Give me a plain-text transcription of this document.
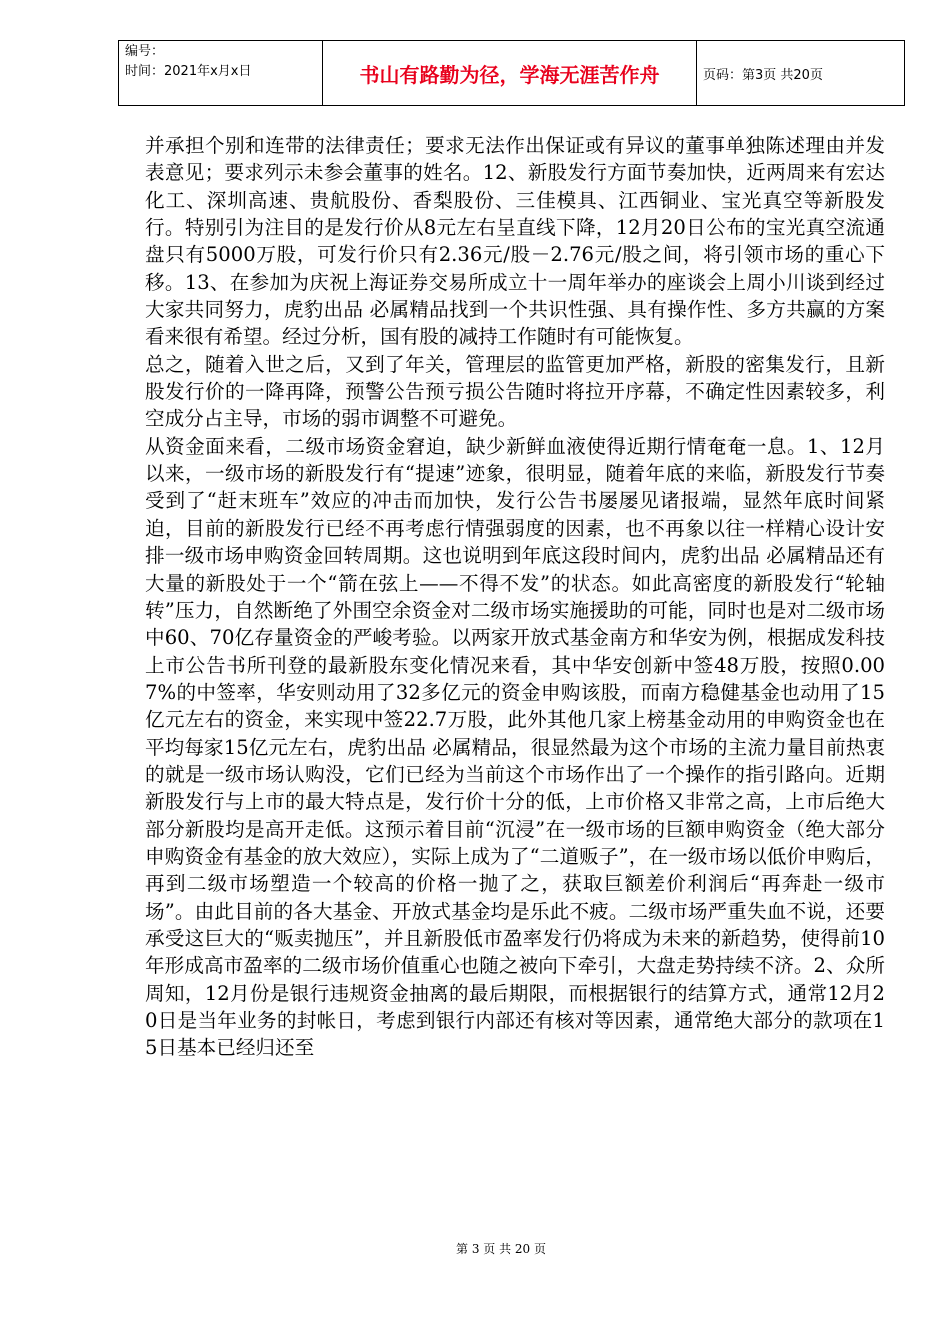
编号：
时间：2021年x月x日	书山有路勤为径，学海无涯苦作舟	页码：第3页 共20页

并承担个别和连带的法律责任；要求无法作出保证或有异议的董事单独陈述理由并发表意见；要求列示未参会董事的姓名。12、新股发行方面节奏加快，近两周来有宏达化工、深圳高速、贵航股份、香梨股份、三佳模具、江西铜业、宝光真空等新股发行。特别引为注目的是发行价从8元左右呈直线下降，12月20日公布的宝光真空流通盘只有5000万股，可发行价只有2.36元/股－2.76元/股之间，将引领市场的重心下移。13、在参加为庆祝上海证券交易所成立十一周年举办的座谈会上周小川谈到经过大家共同努力，虎豹出品 必属精品找到一个共识性强、具有操作性、多方共赢的方案看来很有希望。经过分析，国有股的减持工作随时有可能恢复。

总之，随着入世之后，又到了年关，管理层的监管更加严格，新股的密集发行，且新股发行价的一降再降，预警公告预亏损公告随时将拉开序幕，不确定性因素较多，利空成分占主导，市场的弱市调整不可避免。

从资金面来看，二级市场资金窘迫，缺少新鲜血液使得近期行情奄奄一息。1、12月以来，一级市场的新股发行有“提速”迹象，很明显，随着年底的来临，新股发行节奏受到了“赶末班车”效应的冲击而加快，发行公告书屡屡见诸报端，显然年底时间紧迫，目前的新股发行已经不再考虑行情强弱度的因素，也不再象以往一样精心设计安排一级市场申购资金回转周期。这也说明到年底这段时间内，虎豹出品 必属精品还有大量的新股处于一个“箭在弦上——不得不发”的状态。如此高密度的新股发行“轮轴转”压力，自然断绝了外围空余资金对二级市场实施援助的可能，同时也是对二级市场中60、70亿存量资金的严峻考验。以两家开放式基金南方和华安为例，根据成发科技上市公告书所刊登的最新股东变化情况来看，其中华安创新中签48万股，按照0.007%的中签率，华安则动用了32多亿元的资金申购该股，而南方稳健基金也动用了15亿元左右的资金，来实现中签22.7万股，此外其他几家上榜基金动用的申购资金也在平均每家15亿元左右，虎豹出品 必属精品，很显然最为这个市场的主流力量目前热衷的就是一级市场认购没，它们已经为当前这个市场作出了一个操作的指引路向。近期新股发行与上市的最大特点是，发行价十分的低，上市价格又非常之高，上市后绝大部分新股均是高开走低。这预示着目前“沉浸”在一级市场的巨额申购资金（绝大部分申购资金有基金的放大效应），实际上成为了“二道贩子”，在一级市场以低价申购后，再到二级市场塑造一个较高的价格一抛了之，获取巨额差价利润后“再奔赴一级市场”。由此目前的各大基金、开放式基金均是乐此不疲。二级市场严重失血不说，还要承受这巨大的“贩卖抛压”，并且新股低市盈率发行仍将成为未来的新趋势，使得前10年形成高市盈率的二级市场价值重心也随之被向下牵引，大盘走势持续不济。2、众所周知，12月份是银行违规资金抽离的最后期限，而根据银行的结算方式，通常12月20日是当年业务的封帐日，考虑到银行内部还有核对等因素，通常绝大部分的款项在15日基本已经归还至

第 3 页 共 20 页
